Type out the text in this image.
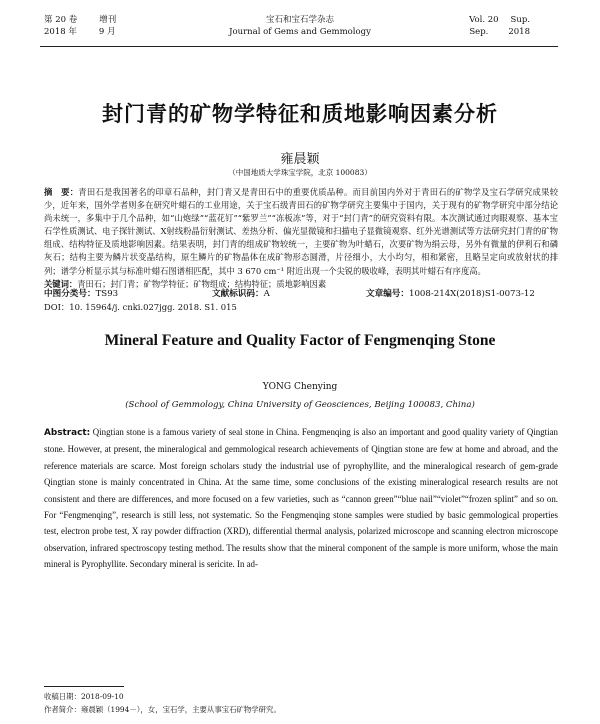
第 20 卷	增刊
2018 年	9 月
宝石和宝石学杂志
Journal of Gems and Gemmology
Vol. 20 Sup.
Sep. 2018
封门青的矿物学特征和质地影响因素分析
雍晨颖
（中国地质大学珠宝学院，北京 100083）
摘　要：青田石是我国著名的印章石品种，封门青又是青田石中的重要优质品种。而目前国内外对于青田石的矿物学及宝石学研究成果较少，近年来，国外学者则多在研究叶蜡石的工业用途，关于宝石级青田石的矿物学研究主要集中于国内，关于现有的矿物学研究中部分结论尚未统一，多集中于几个品种，如“山炮绿”“蓝花钉”“紫罗兰”“冻板冻”等，对于“封门青”的研究资料有限。本次测试通过肉眼观察、基本宝石学性质测试、电子探针测试、X射线粉晶衍射测试、差热分析、偏光显微镜和扫描电子显微镜观察、红外光谱测试等方法研究封门青的矿物组成、结构特征及质地影响因素。结果表明，封门青的组成矿物较统一，主要矿物为叶蜡石，次要矿物为绢云母，另外有微量的伊利石和磷灰石；结构主要为鳞片状变晶结构，原生鳞片的矿物晶体在成矿物形态圆滑，片径细小，大小均匀，相和紧密，且略呈定向或放射状的排列；谱学分析显示其与标准叶蜡石图谱相匹配，其中 3 670 cm⁻¹ 附近出现一个尖锐的吸收峰，表明其叶蜡石有序度高。
关键词：青田石；封门青；矿物学特征；矿物组成；结构特征；质地影响因素
中图分类号：TS93	文献标识码：A	文章编号：1008-214X(2018)S1-0073-12
DOI：10. 15964/j. cnki.027jgg. 2018. S1. 015
Mineral Feature and Quality Factor of Fengmenqing Stone
YONG Chenying
(School of Gemmology, China University of Geosciences, Beijing 100083, China)
Abstract: Qingtian stone is a famous variety of seal stone in China. Fengmenqing is also an important and good quality variety of Qingtian stone. However, at present, the mineralogical and gemmological research achievements of Qingtian stone are few at home and abroad, and the reference materials are scarce. Most foreign scholars study the industrial use of pyrophyllite, and the mineralogical research of gem-grade Qingtian stone is mainly concentrated in China. At the same time, some conclusions of the existing mineralogical research results are not consistent and there are differences, and more focused on a few varieties, such as “cannon green”“blue nail”“violet”“frozen splint” and so on. For “Fengmenqing”, research is still less, not systematic. So the Fengmenqing stone samples were studied by basic gemmological properties test, electron probe test, X ray powder diffraction (XRD), differential thermal analysis, polarized microscope and scanning electron microscope observation, infrared spectroscopy testing method. The results show that the mineral component of the sample is more uniform, whose the main mineral is Pyrophyllite. Secondary mineral is sericite. In ad-
收稿日期：2018-09-10
作者简介：雍晨颖（1994－），女，宝石学，主要从事宝石矿物学研究。
